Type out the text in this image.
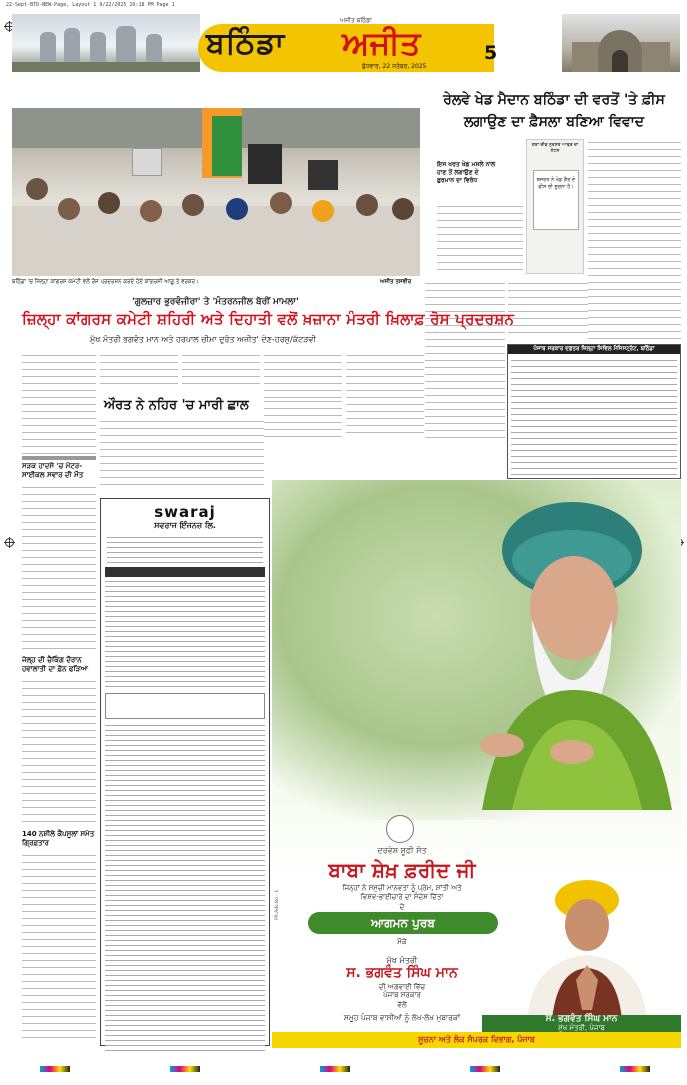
22-Sept-BTD-NEW-Page, Layout 1 9/22/2025 10:18 PM Page 1
ਅਜੀਤ ਬਠਿੰਡਾ
ਬਠਿੰਡਾ ਅਜੀਤ
ਬੁੱਧਵਾਰ, 22 ਸਤੰਬਰ, 2025
5
ਬਠਿੰਡਾ 'ਚ ਜ਼ਿਲ੍ਹਾ ਕਾਂਗਰਸ ਕਮੇਟੀ ਵਲੋਂ ਰੋਸ ਪ੍ਰਦਰਸ਼ਨ ਕਰਦੇ ਹੋਏ ਕਾਂਗਰਸੀ ਆਗੂ ਤੇ ਵਰਕਰ।	ਅਜੀਤ ਤਸਵੀਰ
ਰੇਲਵੇ ਖੇਡ ਮੈਦਾਨ ਬਠਿੰਡਾ ਦੀ ਵਰਤੋਂ 'ਤੇ ਫ਼ੀਸ
ਲਗਾਉਣ ਦਾ ਫ਼ੈਸਲਾ ਬਣਿਆ ਵਿਵਾਦ
ਇਸ ਖਰਤ ਖੇਡ ਮਸਲੇ ਨਾਲ ਹਾਣ ਤੋਂ ਲਗਾਉਣ ਦੇ ਫ਼ੁਰਮਾਨ ਦਾ ਵਿਰੋਧ
ਗਰਾ ਦੀਵ ਨੁਰਸਤ ਆਫਰ ਦਾ ਨੋਟਸ
ਬਜਰਤ ਨੇ ਖੇਡ ਗੈਰ ਦੇ ਫੀਸ ਦੀ ਸੂਚਨਾ ਹੈ।
ਪੰਜਾਬ ਸਰਕਾਰ ਦਫ਼ਤਰ ਜ਼ਿਲ੍ਹਾ ਸਿਵਿਲ ਮੈਜਿਸਟ੍ਰੇਟ, ਬਠਿੰਡਾ
'ਗੁਲਜ਼ਾਰ ਭੁਰਵੰਜੀਰਾ' ਤੇ 'ਮੰਤਰਨਜੀਲ ਬੋਰੀਂ ਮਾਮਲਾ'
ਜ਼ਿਲ੍ਹਾ ਕਾਂਗਰਸ ਕਮੇਟੀ ਸ਼ਹਿਰੀ ਅਤੇ ਦਿਹਾਤੀ ਵਲੋਂ ਖ਼ਜ਼ਾਨਾ ਮੰਤਰੀ ਖ਼ਿਲਾਫ਼ ਰੋਸ ਪ੍ਰਦਰਸ਼ਨ
ਮੁੱਖ ਮੰਤਰੀ ਭਗਵੰਤ ਮਾਨ ਅਤੇ ਹਰਪਾਲ ਚੀਮਾ ਦੁਰੰਤ ਅਜੀਤ' ਦੇਣ-ਹਰਸੁ/ਕੱਟੜਵੀ
ਔਰਤ ਨੇ ਨਹਿਰ 'ਚ ਮਾਰੀ ਛਾਲ
ਸੜਕ ਹਾਦਸੇ 'ਚ ਮੋਟਰ-ਸਾਈਕਲ ਸਵਾਰ ਦੀ ਮੌਤ
ਜੇਲ੍ਹ ਦੀ ਚੈਕਿੰਗ ਦੌਰਾਨ ਹਵਾਲਾਤੀ ਦਾ ਫ਼ੋਨ ਫੜਿਆ
140 ਨਸ਼ੀਲੇ ਕੈਪਸੂਲਾਂ ਸਮੇਤ ਗ੍ਰਿਫ਼ਤਾਰ
swaraj
ਸਵਰਾਜ ਇੰਜਨਜ਼ ਲਿ.
ਦਰਵੇਸ਼ ਸੂਫ਼ੀ ਸੰਤ
ਬਾਬਾ ਸ਼ੇਖ਼ ਫ਼ਰੀਦ ਜੀ
ਜਿਨ੍ਹਾਂ ਨੇ ਸਮੁੱਚੀ ਮਾਨਵਤਾ ਨੂੰ ਪ੍ਰੇਮ, ਸ਼ਾਂਤੀ ਅਤੇ
ਵਿਸ਼ਵ-ਭਾਈਚਾਰੇ ਦਾ ਸੰਦੇਸ਼ ਦਿੱਤਾ
ਦੇ
ਆਗਮਨ ਪੁਰਬ
ਮੌਕੇ
ਮੁੱਖ ਮੰਤਰੀ
ਸ. ਭਗਵੰਤ ਸਿੰਘ ਮਾਨ
ਦੀ ਅਗਵਾਈ ਵਿੱਚ
ਪੰਜਾਬ ਸਰਕਾਰ
ਵੱਲੋਂ
ਸਮੂਹ ਪੰਜਾਬ ਵਾਸੀਆਂ ਨੂੰ ਲੱਖ-ਲੱਖ ਮੁਬਾਰਕਾਂ	ਸ. ਭਗਵੰਤ ਸਿੰਘ ਮਾਨ
ਮੁੱਖ ਮੰਤਰੀ, ਪੰਜਾਬ
ਸੂਚਨਾ ਅਤੇ ਲੋਕ ਸੰਪਰਕ ਵਿਭਾਗ, ਪੰਜਾਬ
PR.Adv.No - 1
